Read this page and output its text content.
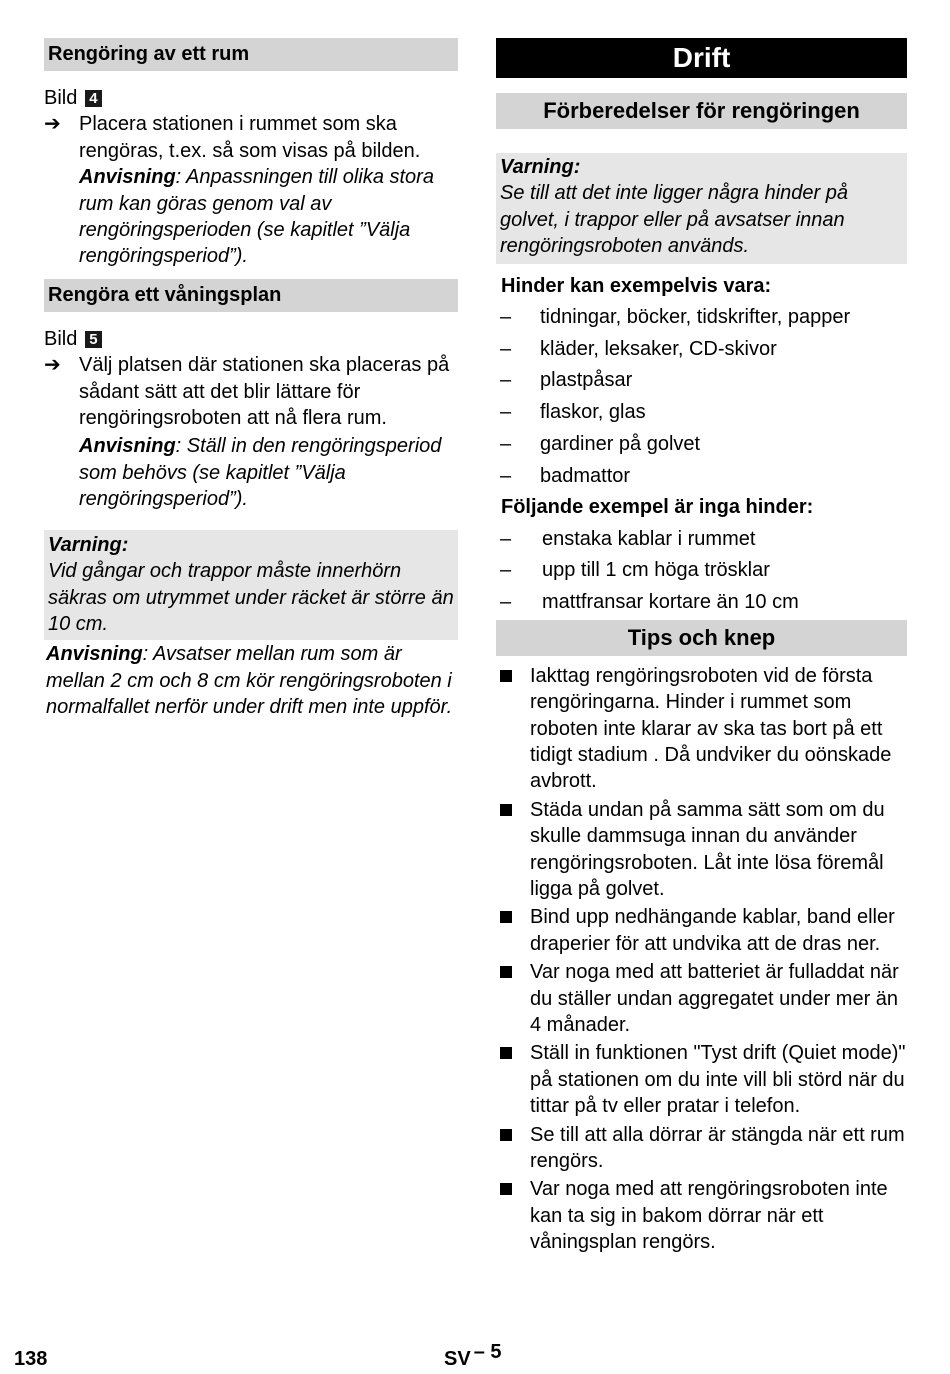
Rengöring av ett rum
Bild 4
➔ Placera stationen i rummet som ska rengöras, t.ex. så som visas på bilden.
Anvisning: Anpassningen till olika stora rum kan göras genom val av rengöringsperioden (se kapitlet ”Välja rengöringsperiod”).
Rengöra ett våningsplan
Bild 5
➔ Välj platsen där stationen ska placeras på sådant sätt att det blir lättare för rengöringsroboten att nå flera rum.
Anvisning: Ställ in den rengöringsperiod som behövs (se kapitlet ”Välja rengöringsperiod”).
Varning:
Vid gångar och trappor måste innerhörn säkras om utrymmet under räcket är större än 10 cm.
Anvisning: Avsatser mellan rum som är mellan 2 cm och 8 cm kör rengöringsroboten i normalfallet nerför under drift men inte uppför.
Drift
Förberedelser för rengöringen
Varning:
Se till att det inte ligger några hinder på golvet, i trappor eller på avsatser innan rengöringsroboten används.
Hinder kan exempelvis vara:
– tidningar, böcker, tidskrifter, papper
– kläder, leksaker, CD-skivor
– plastpåsar
– flaskor, glas
– gardiner på golvet
– badmattor
Följande exempel är inga hinder:
– enstaka kablar i rummet
– upp till 1 cm höga trösklar
– mattfransar kortare än 10 cm
Tips och knep
Iakttag rengöringsroboten vid de första rengöringarna. Hinder i rummet som roboten inte klarar av ska tas bort på ett tidigt stadium . Då undviker du oönskade avbrott.
Städa undan på samma sätt som om du skulle dammsuga innan du använder rengöringsroboten. Låt inte lösa föremål ligga på golvet.
Bind upp nedhängande kablar, band eller draperier för att undvika att de dras ner.
Var noga med att batteriet är fulladdat när du ställer undan aggregatet under mer än 4 månader.
Ställ in funktionen "Tyst drift (Quiet mode)" på stationen om du inte vill bli störd när du tittar på tv eller pratar i telefon.
Se till att alla dörrar är stängda när ett rum rengörs.
Var noga med att rengöringsroboten inte kan ta sig in bakom dörrar när ett våningsplan rengörs.
138	SV – 5
